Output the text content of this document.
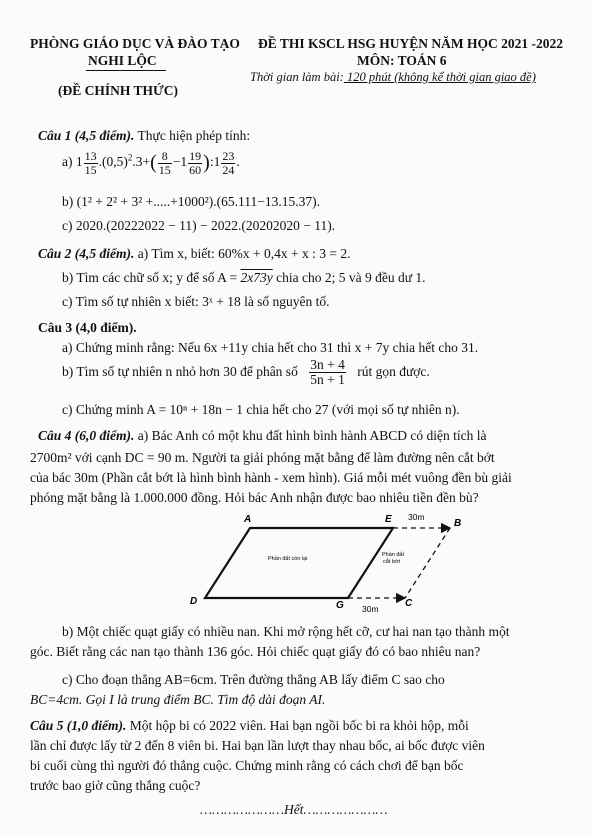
PHÒNG GIÁO DỤC VÀ ĐÀO TẠO
NGHI LỘC
(ĐỀ CHÍNH THỨC)
ĐỀ THI KSCL HSG HUYỆN NĂM HỌC 2021 -2022
MÔN: TOÁN 6
Thời gian làm bài: 120 phút (không kể thời gian giao đề)
Câu 1 (4,5 điểm). Thực hiện phép tính:
a) $1 \frac{13}{15} .(0,5)^2.3+( \frac{8}{15} -1 \frac{19}{60}$ ):1 $\frac{23}{24}$ .
b) (1² + 2² + 3² +.....+1000²).(65.111−13.15.37).
c) 2020.(20222022 − 11) − 2022.(20202020 − 11).
Câu 2 (4,5 điểm). a) Tìm x, biết: 60%x + 0,4x + x : 3 = 2.
b) Tìm các chữ số x; y để số A = 2x73y chia cho 2; 5 và 9 đều dư 1.
c) Tìm số tự nhiên x biết: 3ˣ + 18 là số nguyên tố.
Câu 3 (4,0 điểm).
a) Chứng minh rằng: Nếu 6x +11y chia hết cho 31 thì x + 7y chia hết cho 31.
b) Tìm số tự nhiên n nhỏ hơn 30 để phân số $\frac{3n + 4}{5n + 1}$ rút gọn được.
c) Chứng minh A = 10ⁿ + 18n − 1 chia hết cho 27 (với mọi số tự nhiên n).
Câu 4 (6,0 điểm). a) Bác Anh có một khu đất hình bình hành ABCD có diện tích là
2700m² với cạnh DC = 90 m. Người ta giải phóng mặt bằng để làm đường nên cắt bớt
của bác 30m (Phần cắt bớt là hình bình hành - xem hình). Giá mỗi mét vuông đền bù giải
phóng mặt bằng là 1.000.000 đồng. Hỏi bác Anh nhận được bao nhiêu tiền đền bù?
A	E	B
D	G	C
30m
30m
Phần đất còn lại
Phần đất
cắt bớt
b) Một chiếc quạt giấy có nhiều nan. Khi mở rộng hết cỡ, cư hai nan tạo thành một
góc. Biết rằng các nan tạo thành 136 góc. Hỏi chiếc quạt giấy đó có bao nhiêu nan?
c) Cho đoạn thẳng AB=6cm. Trên đường thẳng AB lấy điểm C sao cho
BC=4cm. Gọi I là trung điểm BC. Tìm độ dài đoạn AI.
Câu 5 (1,0 điểm). Một hộp bi có 2022 viên. Hai bạn ngồi bốc bi ra khỏi hộp, mỗi
lần chỉ được lấy từ 2 đến 8 viên bi. Hai bạn lần lượt thay nhau bốc, ai bốc được viên
bi cuối cùng thì người đó thắng cuộc. Chứng minh rằng có cách chơi để bạn bốc
trước bao giờ cũng thắng cuộc?
…………………Hết…………………
